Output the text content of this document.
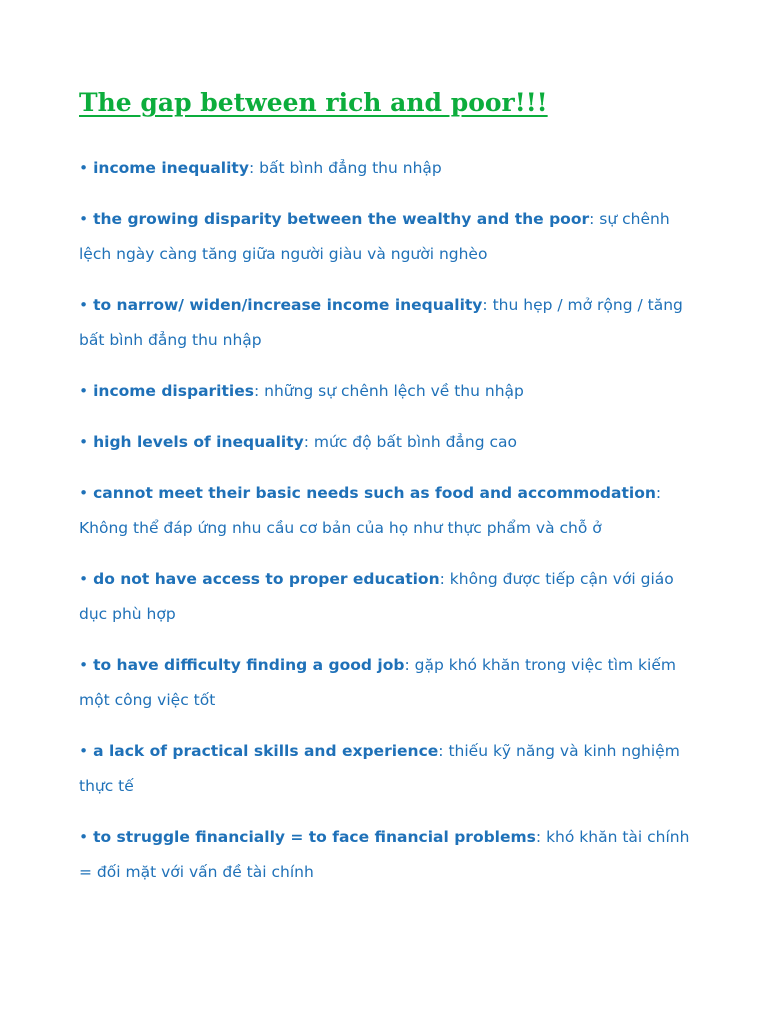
The gap between rich and poor!!!
• income inequality: bất bình đẳng thu nhập
• the growing disparity between the wealthy and the poor: sự chênh lệch ngày càng tăng giữa người giàu và người nghèo
• to narrow/ widen/increase income inequality: thu hẹp / mở rộng / tăng bất bình đẳng thu nhập
• income disparities: những sự chênh lệch về thu nhập
• high levels of inequality: mức độ bất bình đẳng cao
• cannot meet their basic needs such as food and accommodation: Không thể đáp ứng nhu cầu cơ bản của họ như thực phẩm và chỗ ở
• do not have access to proper education: không được tiếp cận với giáo dục phù hợp
• to have difficulty finding a good job: gặp khó khăn trong việc tìm kiếm một công việc tốt
• a lack of practical skills and experience: thiếu kỹ năng và kinh nghiệm thực tế
• to struggle financially = to face financial problems: khó khăn tài chính = đối mặt với vấn đề tài chính
